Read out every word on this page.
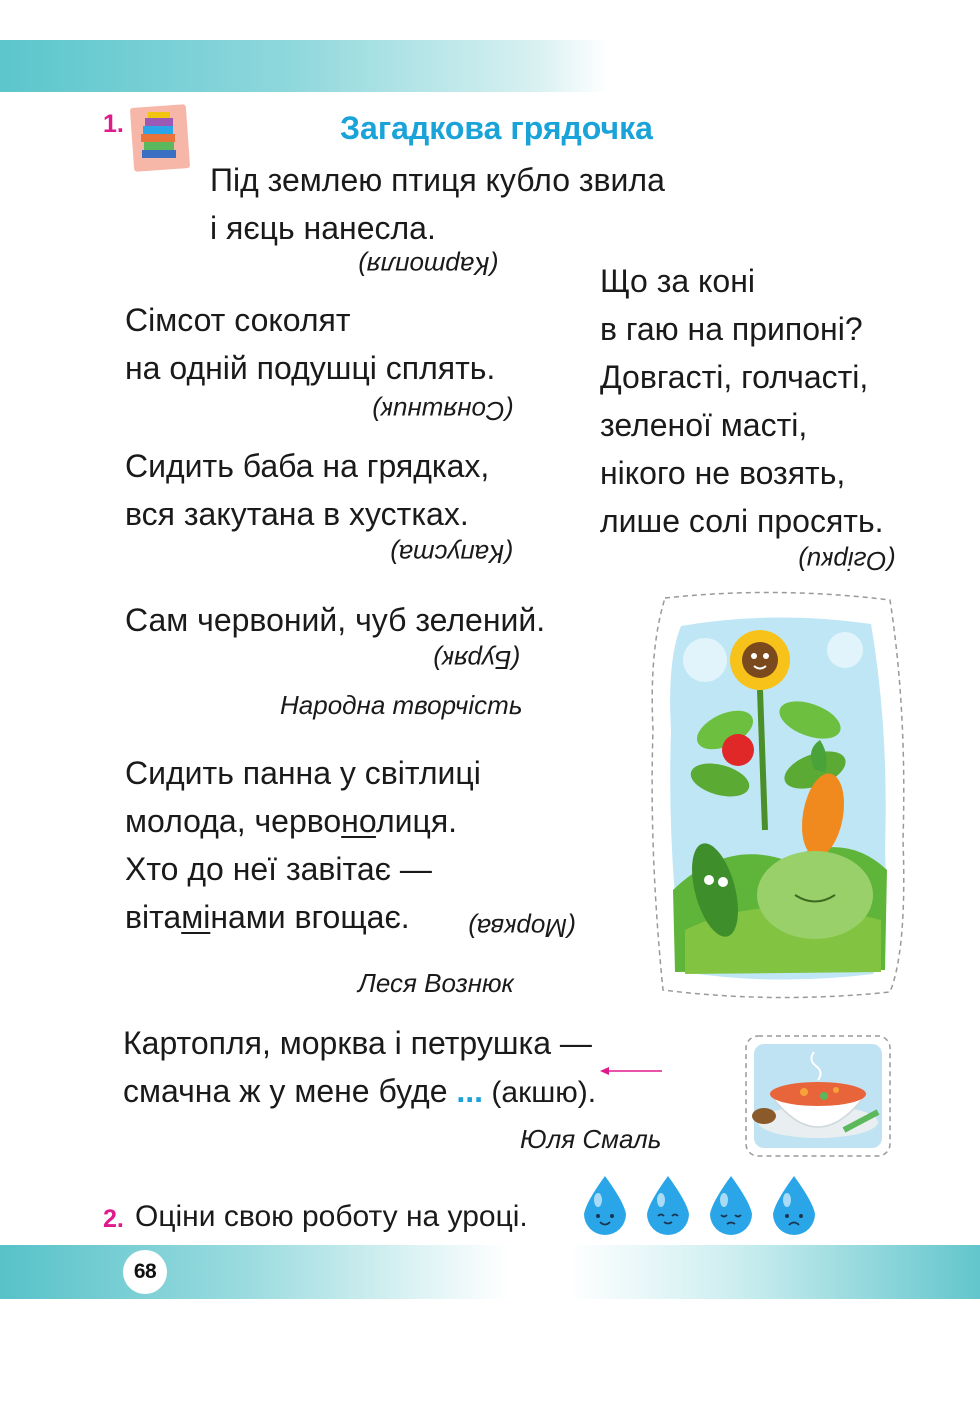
68
1.	Загадкова грядочка
Під землею птиця кубло звила
і яєць нанесла.
(Картопля)
Сімсот соколят
на одній подушці сплять.
(Соняшник)
Сидить баба на грядках,
вся закутана в хустках.
(Капуста)
Сам червоний, чуб зелений.
(Буряк)
Народна творчість
Що за коні
в гаю на припоні?
Довгасті, голчасті,
зеленої масті,
нікого не возять,
лише солі просять.
(Огірки)
Сидить панна у світлиці
молода, червонолиця.
Хто до неї завітає —
вітамінами вгощає. (Морква)
Леся Вознюк
Картопля, морква і петрушка —
смачна ж у мене буде ... (акшю).
Юля Смаль
2. Оціни свою роботу на уроці.
